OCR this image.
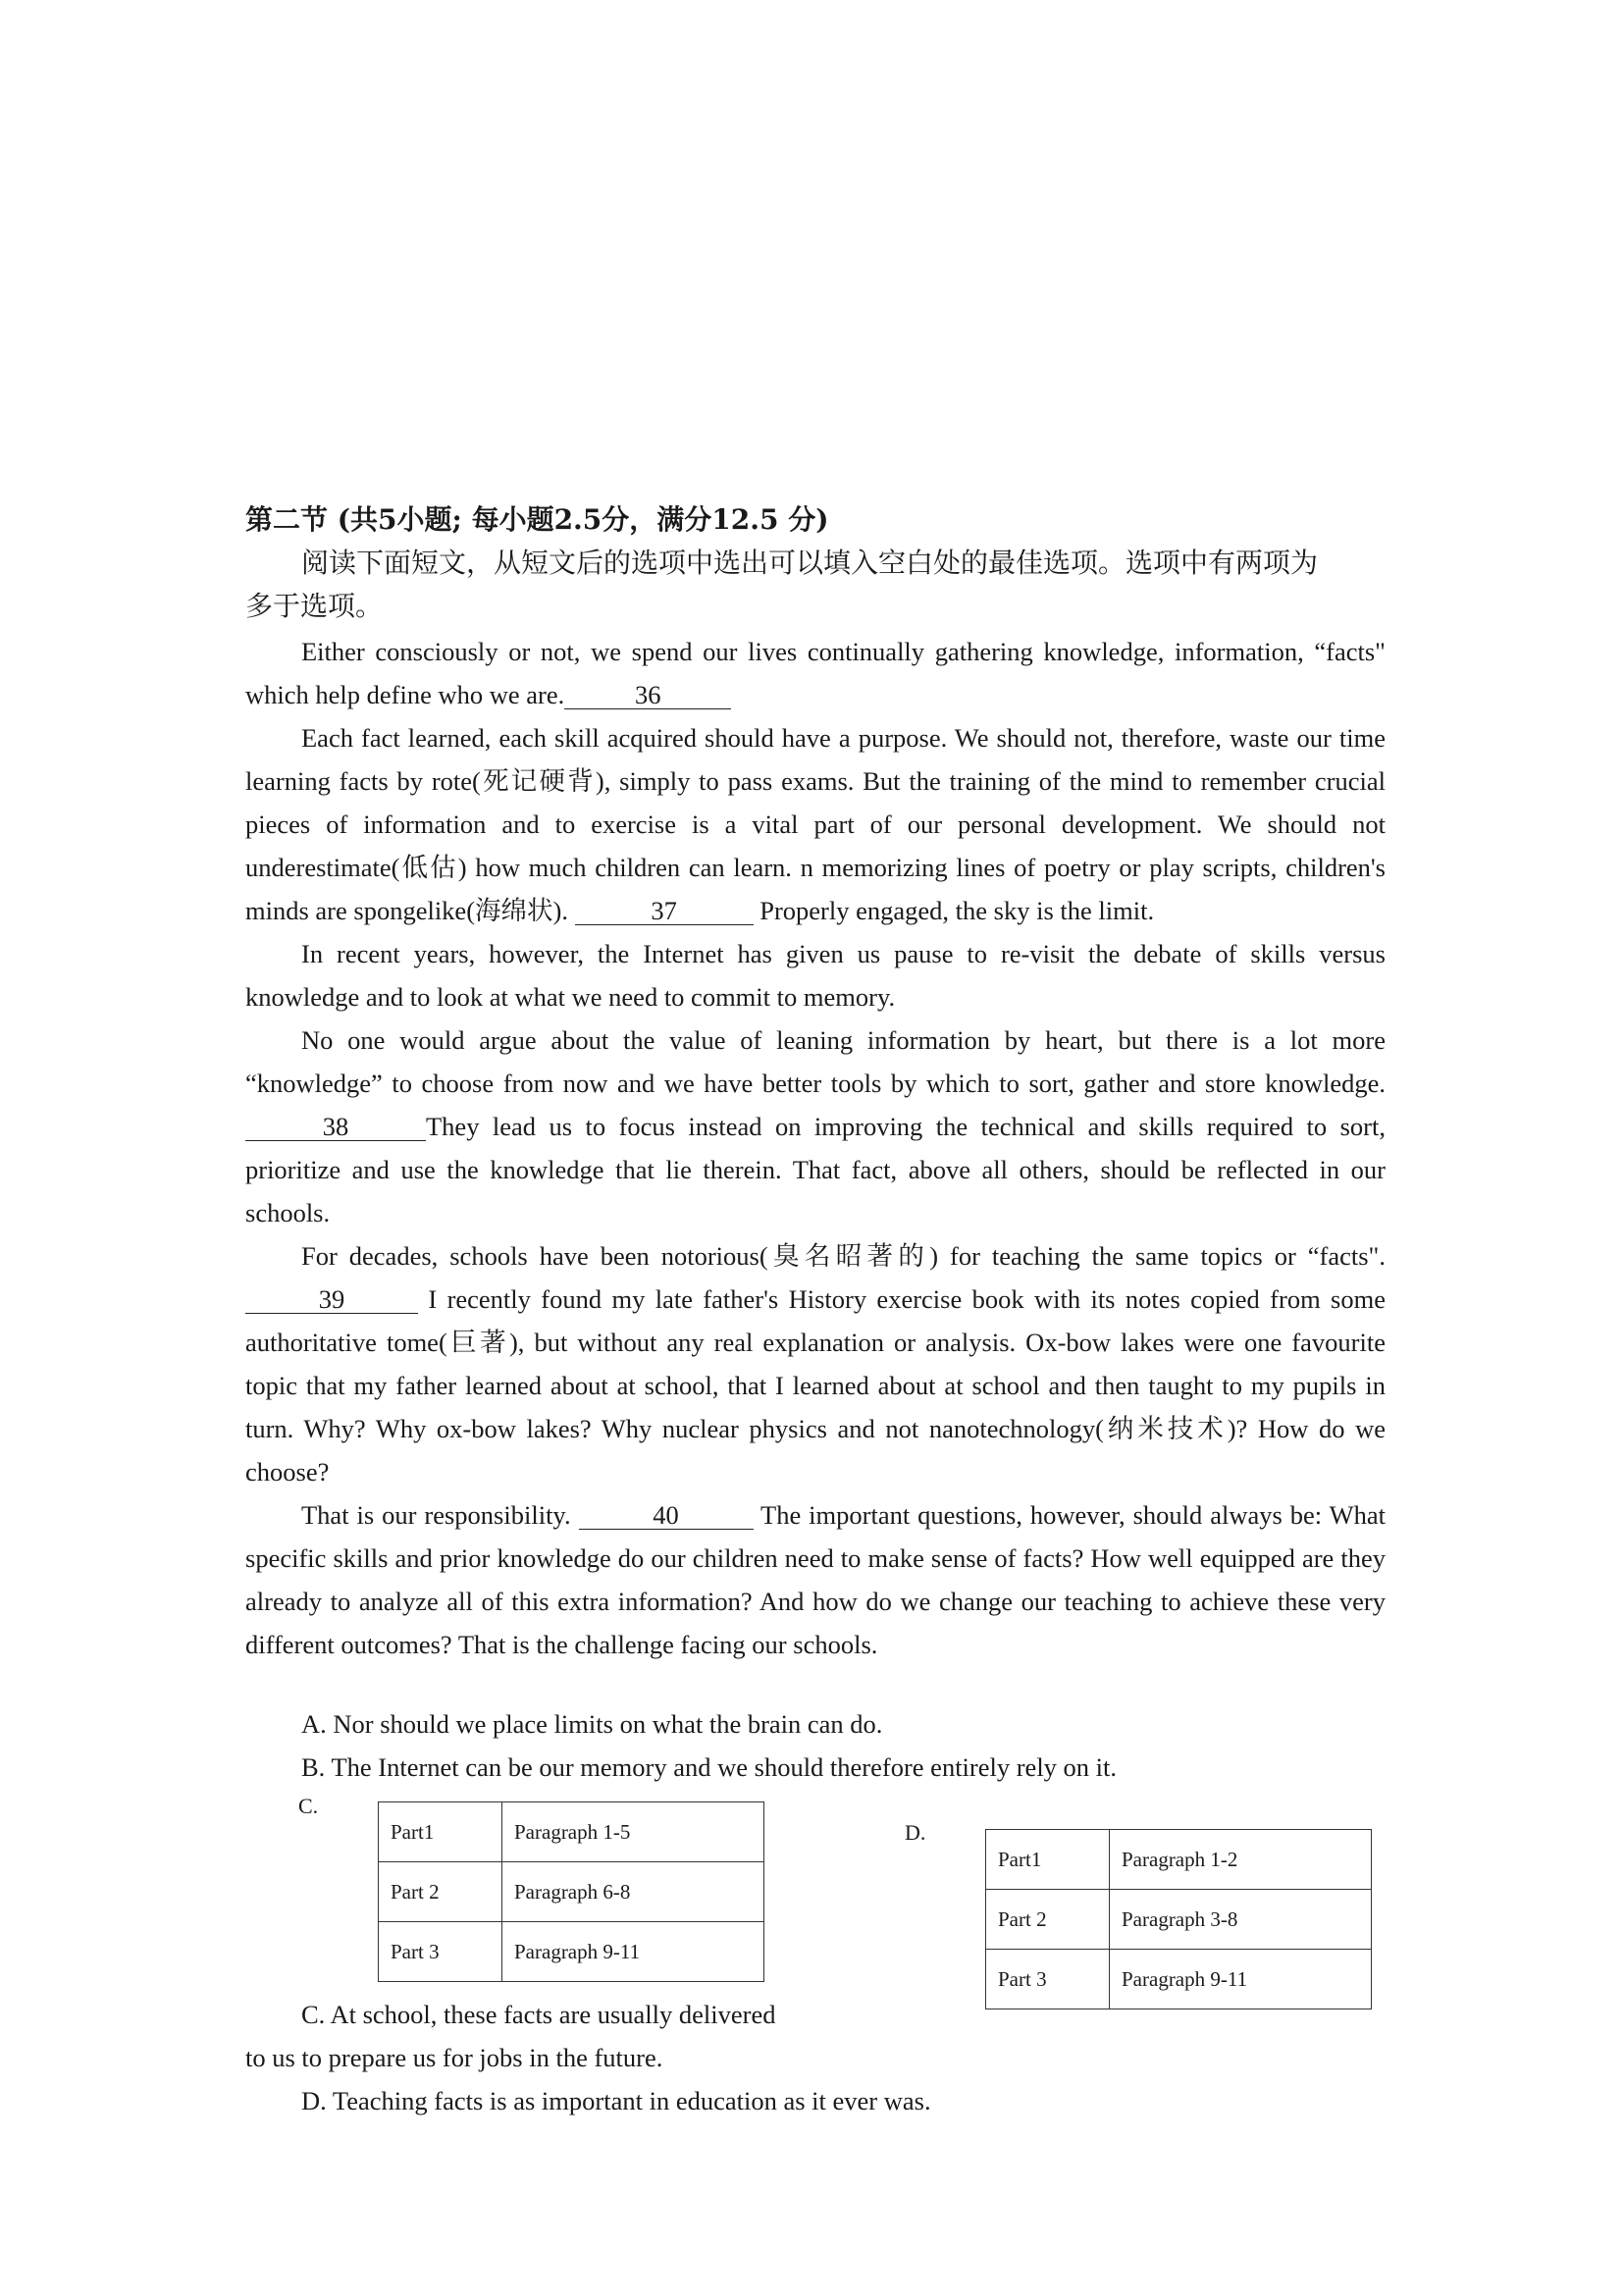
第二节 (共5小题; 每小题2.5分，满分12.5 分)
阅读下面短文，从短文后的选项中选出可以填入空白处的最佳选项。选项中有两项为
多于选项。

Either consciously or not, we spend our lives continually gathering knowledge, information, “facts" which help define who we are.	36

Each fact learned, each skill acquired should have a purpose. We should not, therefore, waste our time learning facts by rote(死记硬背), simply to pass exams. But the training of the mind to remember crucial pieces of information and to exercise is a vital part of our personal development. We should not underestimate(低估) how much children can learn. n memorizing lines of poetry or play scripts, children's minds are spongelike(海绵状).	37	Properly engaged, the sky is the limit.

In recent years, however, the Internet has given us pause to re-visit the debate of skills versus knowledge and to look at what we need to commit to memory.

No one would argue about the value of leaning information by heart, but there is a lot more “knowledge” to choose from now and we have better tools by which to sort, gather and store knowledge. 38	They lead us to focus instead on improving the technical and skills required to sort, prioritize and use the knowledge that lie therein. That fact, above all others, should be reflected in our schools.

For decades, schools have been notorious(臭名昭著的) for teaching the same topics or “facts". 39	I recently found my late father's History exercise book with its notes copied from some authoritative tome(巨著), but without any real explanation or analysis. Ox-bow lakes were one favourite topic that my father learned about at school, that I learned about at school and then taught to my pupils in turn. Why? Why ox-bow lakes? Why nuclear physics and not nanotechnology(纳米技术)? How do we choose?

That is our responsibility.	40	The important questions, however, should always be: What specific skills and prior knowledge do our children need to make sense of facts? How well equipped are they already to analyze all of this extra information? And how do we change our teaching to achieve these very different outcomes? That is the challenge facing our schools.

A. Nor should we place limits on what the brain can do.
B. The Internet can be our memory and we should therefore entirely rely on it.
C.
Part1	Paragraph 1-5
Part 2	Paragraph 6-8
Part 3	Paragraph 9-11
D.
Part1	Paragraph 1-2
Part 2	Paragraph 3-8
Part 3	Paragraph 9-11
C. At school, these facts are usually delivered
to us to prepare us for jobs in the future.
D. Teaching facts is as important in education as it ever was.
